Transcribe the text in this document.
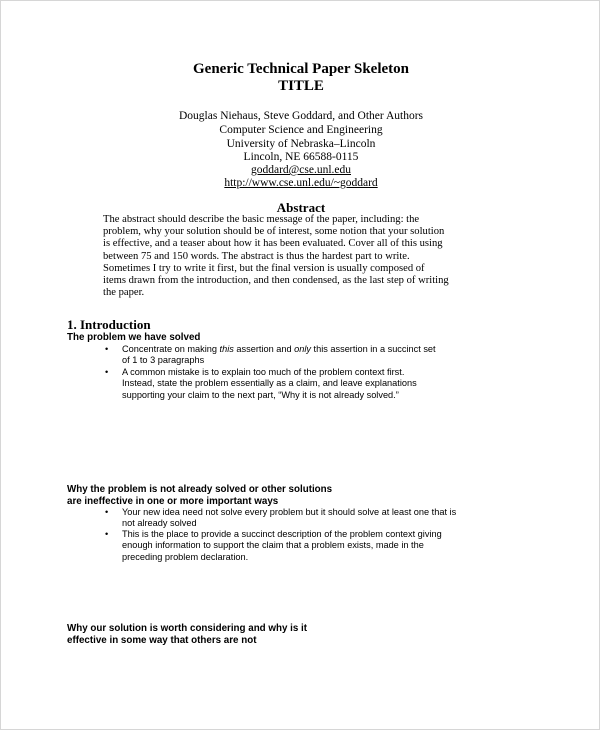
Generic Technical Paper Skeleton
TITLE
Douglas Niehaus, Steve Goddard, and Other Authors
Computer Science and Engineering
University of Nebraska–Lincoln
Lincoln, NE 66588-0115
goddard@cse.unl.edu
http://www.cse.unl.edu/~goddard
Abstract
The abstract should describe the basic message of the paper, including: the
problem, why your solution should be of interest, some notion that your solution
is effective, and a teaser about how it has been evaluated. Cover all of this using
between 75 and 150 words. The abstract is thus the hardest part to write.
Sometimes I try to write it first, but the final version is usually composed of
items drawn from the introduction, and then condensed, as the last step of writing
the paper.
1. Introduction
The problem we have solved
• Concentrate on making this assertion and only this assertion in a succinct set
of 1 to 3 paragraphs
• A common mistake is to explain too much of the problem context first.
Instead, state the problem essentially as a claim, and leave explanations
supporting your claim to the next part, “Why it is not already solved.”
Why the problem is not already solved or other solutions
are ineffective in one or more important ways
• Your new idea need not solve every problem but it should solve at least one that is
not already solved
• This is the place to provide a succinct description of the problem context giving
enough information to support the claim that a problem exists, made in the
preceding problem declaration.
Why our solution is worth considering and why is it
effective in some way that others are not
